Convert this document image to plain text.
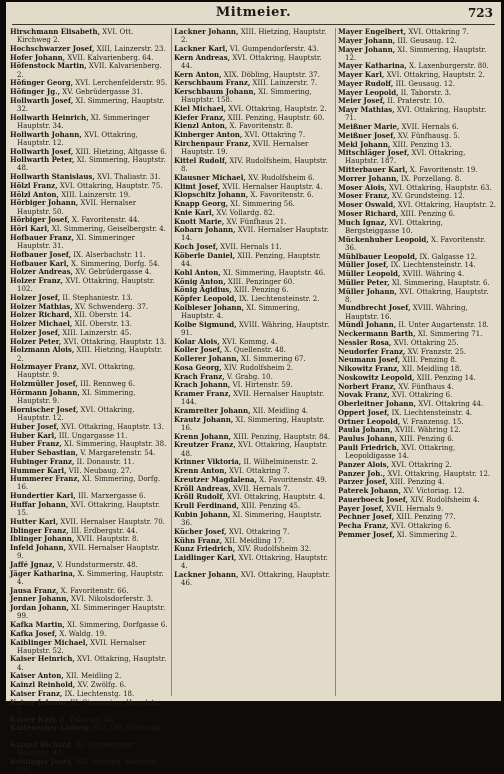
Mitmeier.	723
Hirschmann Elisabeth, XVI. Ott. Kirchweg 2.
Hochschwarzer Josef, XIII, Lainzerstr. 23.
Hofer Johann, XVII. Kalvarienberg. 64.
Höfenstock Martin, XVII. Kalvarienberg. 2.
Höfinger Georg, XVI. Lerchenfelderstr. 95.
Höfinger Jg., XV. Gebrüdergasse 31.
Hollwarth Josef, XI. Simmering, Hauptstr. 32.
Hollwarth Heinrich, XI. Simmeringer Hauptstr. 34.
Hollwarth Johann, XVI. Ottakring, Hauptstr. 12.
Hollwarth Josef, XIII. Hietzing, Altgasse 6.
Hollwarth Peter, XI. Simmering, Hauptstr. 48.
Hollwarth Stanislaus, XVI. Thaliastr. 31.
Hölzl Franz, XVI. Ottakring, Hauptstr. 75.
Hölzl Anton, XIII. Lainzerstr. 19.
Hörbiger Johann, XVII. Hernalser Hauptstr. 50.
Hörbiger Josef, X. Favoritenstr. 44.
Hörl Karl, XI. Simmering, Geiselbergstr. 4.
Hofbauer Franz, XI. Simmeringer Hauptstr. 31.
Hofbauer Josef, IX. Alserbachstr. 11.
Hofbauer Karl, X. Simmering, Dorfg. 54.
Holzer Andreas, XV. Gebrüdergasse 4.
Holzer Franz, XVI. Ottakring, Hauptstr. 102.
Holzer Josef, II. Stephaniestr. 13.
Holzer Mathias, XV. Schwenderg. 37.
Holzer Richard, XII. Oberstr. 14.
Holzer Michael, XII. Oberstr. 13.
Holzer Josef, XIII. Lainzerstr. 45.
Holzer Peter, XVI. Ottakring, Hauptstr. 13.
Holzmann Alois, XIII. Hietzing, Hauptstr. 2.
Holzmayer Franz, XVI. Ottakring, Hauptstr. 9.
Holzmüller Josef, III. Rennweg 6.
Hörmann Johann, XI. Simmering, Hauptstr. 9.
Hornischer Josef, XVI. Ottakring, Hauptstr. 12.
Huber Josef, XVI. Ottakring, Hauptstr. 13.
Huber Karl, III. Ungargasse 11.
Huber Franz, XI. Simmering, Hauptstr. 38.
Huber Sebastian, V. Margaretenstr. 54.
Hubinger Franz, II. Donaustr. 11.
Hummer Karl, VII. Neubaug. 27.
Hummerer Franz, XI. Simmering, Dorfg. 16.
Hundertier Karl, III. Marxergasse 6.
Huffar Johann, XVI. Ottakring, Hauptstr. 15.
Hutter Karl, XVII. Hernalser Hauptstr. 70.
Iblinger Franz, III. Erdbergstr. 44.
Iblinger Johann, XVII. Hauptstr. 8.
Infeld Johann, XVII. Hernalser Hauptstr. 9.
Jaffé Jgnaz, V. Hundsturmerstr. 48.
Jäger Katharina, X. Simmering, Hauptstr. 4.
Jausa Franz, X. Favoritenstr. 66.
Jenner Johann, XVI. Nikolsdorferstr. 3.
Jordan Johann, XI. Simmeringer Hauptstr. 99.
Kafka Martin, XI. Simmering, Dorfgasse 6.
Kafka Josef, X. Waldg. 19.
Kaiblinger Michael, XVII. Hernalser Hauptstr. 52.
Kaiser Heinrich, XVI. Ottakring, Hauptstr. 4.
Kaiser Anton, XII. Meidling 2.
Kainzl Reinhold, XV. Zwölfg. 6.
Kaiser Franz, IX. Liechtenstg. 18.
Kaiser Johann, XI. Simmering, Hauptstr. 6.
Kaiser Karl, II. Taborstr. 48.
Kaltenecker Ludwig, XVI. Ott. Ottakring 7.
Kappel Richard, XI. Simmeringer Hauptstr. 41.
Keblinger Josef, XIII. Penzing, Hauptstr. 197.
Lackner Johann, XIII. Hietzing, Hauptstr. 2.
Lackner Karl, VI. Gumpendorferstr. 43.
Kern Andreas, XVI. Ottakring, Hauptstr. 44.
Kern Anton, XIX. Döbling, Hauptstr. 37.
Kerschbaum Franz, XIII. Lainzerstr. 7.
Kerschbaum Johann, XI. Simmering, Hauptstr. 158.
Kiel Michael, XVI. Ottakring, Hauptstr. 2.
Kiefer Franz, XIII. Penzing, Hauptstr. 60.
Kienzl Anton, X. Favoritenstr. 8.
Kinberger Anton, XVI. Ottakring 7.
Kirchenpaur Franz, XVII. Hernalser Hauptstr. 19.
Kittel Rudolf, XIV. Rudolfsheim, Hauptstr. 8.
Klausner Michael, XV. Rudolfsheim 6.
Klimt Josef, XVII. Hernalser Hauptstr. 4.
Klopschitz Johann, X. Favoritenstr. 6.
Knapp Georg, XI. Simmering 56.
Knie Karl, XV. Vollardg. 82.
Knott Marie, XV. Fünfhaus 21.
Kobarn Johann, XVII. Hernalser Hauptstr. 14.
Koch Josef, XVII. Hernals 11.
Köberle Daniel, XIII. Penzing, Hauptstr. 44.
Kohl Anton, XI. Simmering, Hauptstr. 46.
König Anton, XIII. Penzinger 60.
König Ägidius, XIII. Penzing 6.
Köpfer Leopold, IX. Liechtensteinstr. 2.
Kolbleser Johann, XI. Simmering, Hauptstr. 4.
Kolbe Sigmund, XVIII. Währing, Hauptstr. 91.
Kolar Alois, XVI. Kommg. 4.
Koller Josef, X. Quellenstr. 48.
Kollerer Johann, XI. Simmering 67.
Kosa Georg, XIV. Rudolfsheim 2.
Krach Franz, V. Grabg. 10.
Krach Johann, VI. Hirtenstr. 59.
Kramer Franz, XVII. Hernalser Hauptstr. 144.
Kramreiter Johann, XII. Meidling 4.
Krautz Johann, XI. Simmering, Hauptstr. 16.
Krenn Johann, XIII. Penzing, Hauptstr. 84.
Kreutzer Franz, XVI. Ottakring, Hauptstr. 48.
Krinner Viktoria, II. Wilhelminenstr. 2.
Krenn Anton, XVI. Ottakring 7.
Kreutzer Magdalena, X. Favoritenstr. 49.
Kröll Andreas, XVII. Hernals 7.
Kröll Rudolf, XVI. Ottakring, Hauptstr. 4.
Krull Ferdinand, XIII. Penzing 45.
Kubin Johann, XI. Simmering, Hauptstr. 36.
Kücher Josef, XVI. Ottakring 7.
Kühn Franz, XII. Meidling 17.
Kunz Friedrich, XIV. Rudolfsheim 32.
Laidlinger Karl, XVI. Ottakring, Hauptstr. 4.
Lackner Johann, XVI. Ottakring, Hauptstr. 46.
Mayer Engelbert, XVI. Ottakring 7.
Mayer Johann, III. Geusaug. 12.
Mayer Johann, XI. Simmering, Hauptstr. 12.
Mayer Katharina, X. Laxenburgerstr. 80.
Mayer Karl, XVI. Ottakring, Hauptstr. 2.
Mayer Rudolf, III. Geusaug. 12.
Mayer Leopold, II. Taborstr. 3.
Meier Josef, II. Praterstr. 10.
Mayr Mathias, XVI. Ottakring, Hauptstr. 71.
Meißner Marie, XVII. Hernals 6.
Meißner Josef, XV. Fünfhausg. 5.
Mekl Johann, XIII. Penzing 13.
Mitschläger Josef, XVI. Ottakring, Hauptstr. 187.
Mitterbauer Karl, X. Favoritenstr. 19.
Morrer Johann, IX. Porzellang. 8.
Moser Alois, XVI. Ottakring, Hauptstr. 63.
Moser Franz, XV. Grundsteing. 12.
Moser Oswald, XVI. Ottakring, Hauptstr. 2.
Moser Richard, XIII. Penzing 6.
Much Ignaz, XVI. Ottakring, Bergsteiggasse 10.
Mückenhuber Leopold, X. Favoritenstr. 36.
Mühlbauer Leopold, IX. Galgasse 12.
Müller Josef, IX. Liechtensteinstr. 14.
Müller Leopold, XVIII. Währing 4.
Müller Peter, XI. Simmering, Hauptstr. 6.
Müller Johann, XVI. Ottakring, Hauptstr. 8.
Mundbrecht Josef, XVIII. Währing, Hauptstr. 16.
Mündl Johann, II. Unter Augartenstr. 18.
Neckermann Barth, XI. Simmering 71.
Nessler Rosa, XVI. Ottakring 25.
Neudorfer Franz, XV. Franzstr. 25.
Neumann Josef, XIII. Penzing 8.
Nikowitz Franz, XII. Meidling 18.
Noskowitz Leopold, XIII. Penzing 14.
Norbert Franz, XV. Fünfhaus 4.
Novak Franz, XVI. Ottakring 6.
Oberleitner Johann, XVI. Ottakring 44.
Oppert Josef, IX. Liechtensteinstr. 4.
Ortner Leopold, V. Franzensg. 15.
Paula Johann, XVIII. Währing 12.
Paulus Johann, XIII. Penzing 6.
Pauli Friedrich, XVI. Ottakring, Leopoldigasse 14.
Panzer Alois, XVI. Ottakring 2.
Panzer Joh., XVI. Ottakring, Hauptstr. 12.
Parzer Josef, XIII. Penzing 4.
Paterek Johann, XV. Victoriag. 12.
Pauerboeck Josef, XIV. Rudolfsheim 4.
Payer Josef, XVII. Hernals 9.
Pechner Josef, XIII. Penzing 77.
Pecha Franz, XVI. Ottakring 6.
Pemmer Josef, XI. Simmering 2.
